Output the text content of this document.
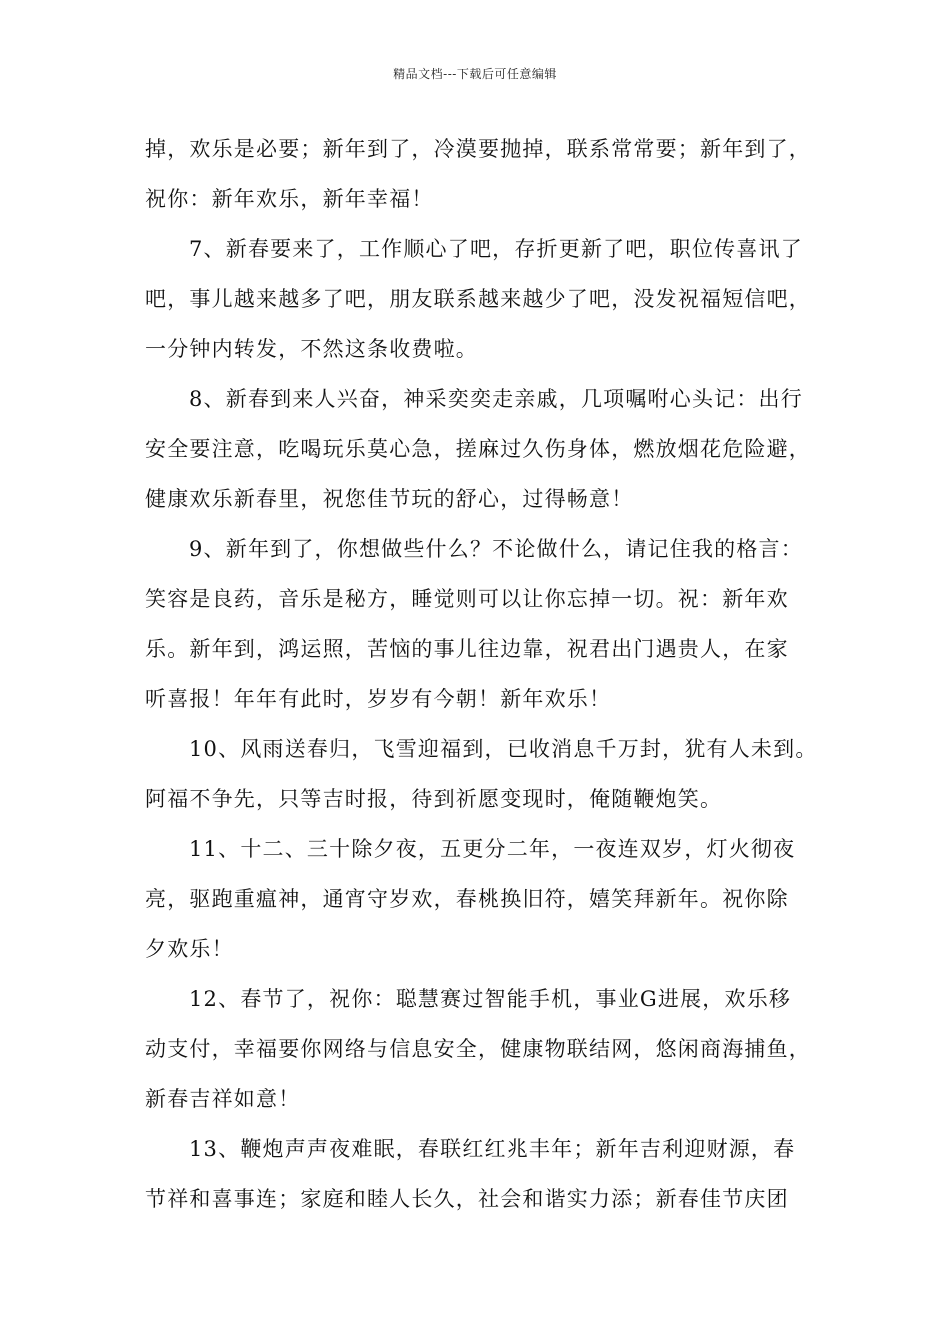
精品文档---下载后可任意编辑
掉，欢乐是必要；新年到了，冷漠要抛掉，联系常常要；新年到了，
祝你：新年欢乐，新年幸福！
7、新春要来了，工作顺心了吧，存折更新了吧，职位传喜讯了
吧，事儿越来越多了吧，朋友联系越来越少了吧，没发祝福短信吧，
一分钟内转发，不然这条收费啦。
8、新春到来人兴奋，神采奕奕走亲戚，几项嘱咐心头记：出行
安全要注意，吃喝玩乐莫心急，搓麻过久伤身体，燃放烟花危险避，
健康欢乐新春里，祝您佳节玩的舒心，过得畅意！
9、新年到了，你想做些什么？不论做什么，请记住我的格言：
笑容是良药，音乐是秘方，睡觉则可以让你忘掉一切。祝：新年欢
乐。新年到，鸿运照，苦恼的事儿往边靠，祝君出门遇贵人，在家
听喜报！年年有此时，岁岁有今朝！新年欢乐！
10、风雨送春归，飞雪迎福到，已收消息千万封，犹有人未到。
阿福不争先，只等吉时报，待到祈愿变现时，俺随鞭炮笑。
11、十二、三十除夕夜，五更分二年，一夜连双岁，灯火彻夜
亮，驱跑重瘟神，通宵守岁欢，春桃换旧符，嬉笑拜新年。祝你除
夕欢乐！
12、春节了，祝你：聪慧赛过智能手机，事业G进展，欢乐移
动支付，幸福要你网络与信息安全，健康物联结网，悠闲商海捕鱼，
新春吉祥如意！
13、鞭炮声声夜难眠，春联红红兆丰年；新年吉利迎财源，春
节祥和喜事连；家庭和睦人长久，社会和谐实力添；新春佳节庆团
